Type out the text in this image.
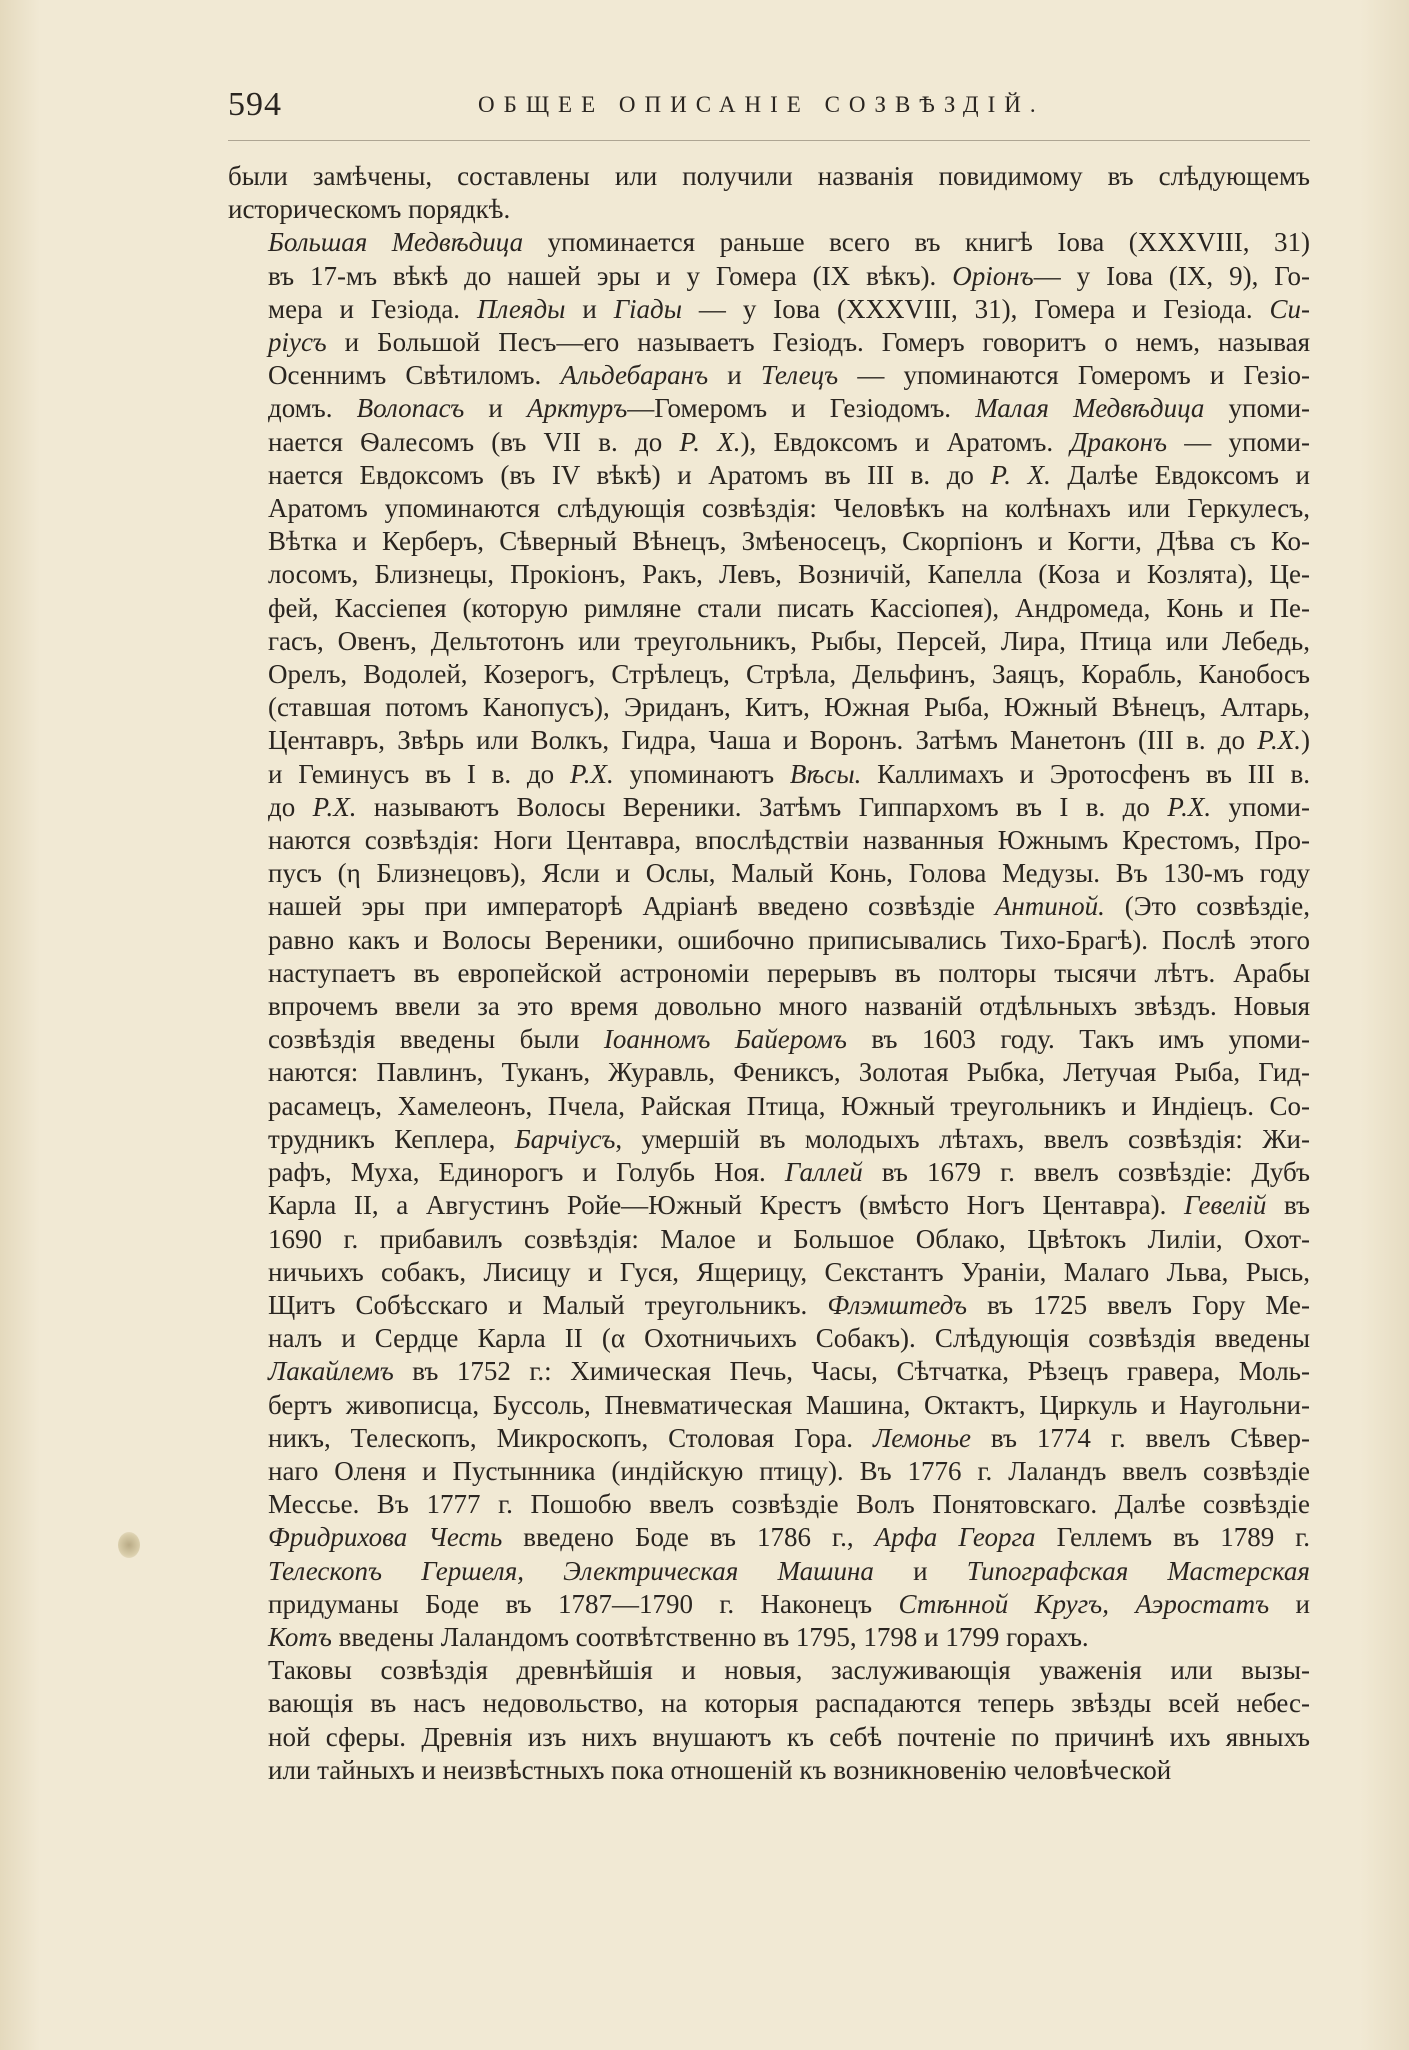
594	ОБЩЕЕ ОПИСАНІЕ СОЗВѢЗДІЙ.

были замѣчены, составлены или получили названія повидимому въ слѣдующемъ
историческомъ порядкѣ.

Большая Медвѣдица упоминается раньше всего въ книгѣ Іова (XXXVIII, 31)
въ 17-мъ вѣкѣ до нашей эры и у Гомера (IX вѣкъ). Оріонъ— у Іова (IX, 9), Го-
мера и Гезіода. Плеяды и Гіады — у Іова (XXXVIII, 31), Гомера и Гезіода. Си-
ріусъ и Большой Песъ—его называетъ Гезіодъ. Гомеръ говоритъ о немъ, называя
Осеннимъ Свѣтиломъ. Альдебаранъ и Телецъ — упоминаются Гомеромъ и Гезіо-
домъ. Волопасъ и Арктуръ—Гомеромъ и Гезіодомъ. Малая Медвѣдица упоми-
нается Ѳалесомъ (въ VII в. до Р. Х.), Евдоксомъ и Аратомъ. Драконъ — упоми-
нается Евдоксомъ (въ IV вѣкѣ) и Аратомъ въ III в. до Р. Х. Далѣе Евдоксомъ и
Аратомъ упоминаются слѣдующія созвѣздія: Человѣкъ на колѣнахъ или Геркулесъ,
Вѣтка и Керберъ, Сѣверный Вѣнецъ, Змѣеносецъ, Скорпіонъ и Когти, Дѣва съ Ко-
лосомъ, Близнецы, Прокіонъ, Ракъ, Левъ, Возничій, Капелла (Коза и Козлята), Це-
фей, Кассіепея (которую римляне стали писать Кассіопея), Андромеда, Конь и Пе-
гасъ, Овенъ, Дельтотонъ или треугольникъ, Рыбы, Персей, Лира, Птица или Лебедь,
Орелъ, Водолей, Козерогъ, Стрѣлецъ, Стрѣла, Дельфинъ, Заяцъ, Корабль, Канобосъ
(ставшая потомъ Канопусъ), Эриданъ, Китъ, Южная Рыба, Южный Вѣнецъ, Алтарь,
Центавръ, Звѣрь или Волкъ, Гидра, Чаша и Воронъ. Затѣмъ Манетонъ (III в. до Р.Х.)
и Геминусъ въ I в. до Р.Х. упоминаютъ Вѣсы. Каллимахъ и Эротосфенъ въ III в.
до Р.Х. называютъ Волосы Вереники. Затѣмъ Гиппархомъ въ I в. до Р.Х. упоми-
наются созвѣздія: Ноги Центавра, впослѣдствіи названныя Южнымъ Крестомъ, Про-
пусъ (η Близнецовъ), Ясли и Ослы, Малый Конь, Голова Медузы. Въ 130-мъ году
нашей эры при императорѣ Адріанѣ введено созвѣздіе Антиной. (Это созвѣздіе,
равно какъ и Волосы Вереники, ошибочно приписывались Тихо-Брагѣ). Послѣ этого
наступаетъ въ европейской астрономіи перерывъ въ полторы тысячи лѣтъ. Арабы
впрочемъ ввели за это время довольно много названій отдѣльныхъ звѣздъ. Новыя
созвѣздія введены были Іоанномъ Байеромъ въ 1603 году. Такъ имъ упоми-
наются: Павлинъ, Туканъ, Журавль, Фениксъ, Золотая Рыбка, Летучая Рыба, Гид-
расамецъ, Хамелеонъ, Пчела, Райская Птица, Южный треугольникъ и Индіецъ. Со-
трудникъ Кеплера, Барчіусъ, умершій въ молодыхъ лѣтахъ, ввелъ созвѣздія: Жи-
рафъ, Муха, Единорогъ и Голубь Ноя. Галлей въ 1679 г. ввелъ созвѣздіе: Дубъ
Карла II, а Августинъ Ройе—Южный Крестъ (вмѣсто Ногъ Центавра). Гевелій въ
1690 г. прибавилъ созвѣздія: Малое и Большое Облако, Цвѣтокъ Лиліи, Охот-
ничьихъ собакъ, Лисицу и Гуся, Ящерицу, Секстантъ Ураніи, Малаго Льва, Рысь,
Щитъ Собѣсскаго и Малый треугольникъ. Флэмштедъ въ 1725 ввелъ Гору Ме-
налъ и Сердце Карла II (α Охотничьихъ Собакъ). Слѣдующія созвѣздія введены
Лакайлемъ въ 1752 г.: Химическая Печь, Часы, Сѣтчатка, Рѣзецъ гравера, Моль-
бертъ живописца, Буссоль, Пневматическая Машина, Октактъ, Циркуль и Наугольни-
никъ, Телескопъ, Микроскопъ, Столовая Гора. Лемонье въ 1774 г. ввелъ Сѣвер-
наго Оленя и Пустынника (индійскую птицу). Въ 1776 г. Лаландъ ввелъ созвѣздіе
Мессье. Въ 1777 г. Пошобю ввелъ созвѣздіе Волъ Понятовскаго. Далѣе созвѣздіе
Фридрихова Честь введено Боде въ 1786 г., Арфа Георга Геллемъ въ 1789 г.
Телескопъ Гершеля, Электрическая Машина и Типографская Мастерская
придуманы Боде въ 1787—1790 г. Наконецъ Стѣнной Кругъ, Аэростатъ и
Котъ введены Лаландомъ соотвѣтственно въ 1795, 1798 и 1799 горахъ.

Таковы созвѣздія древнѣйшія и новыя, заслуживающія уваженія или вызы-
вающія въ насъ недовольство, на которыя распадаются теперь звѣзды всей небес-
ной сферы. Древнія изъ нихъ внушаютъ къ себѣ почтеніе по причинѣ ихъ явныхъ
или тайныхъ и неизвѣстныхъ пока отношеній къ возникновенію человѣческой
